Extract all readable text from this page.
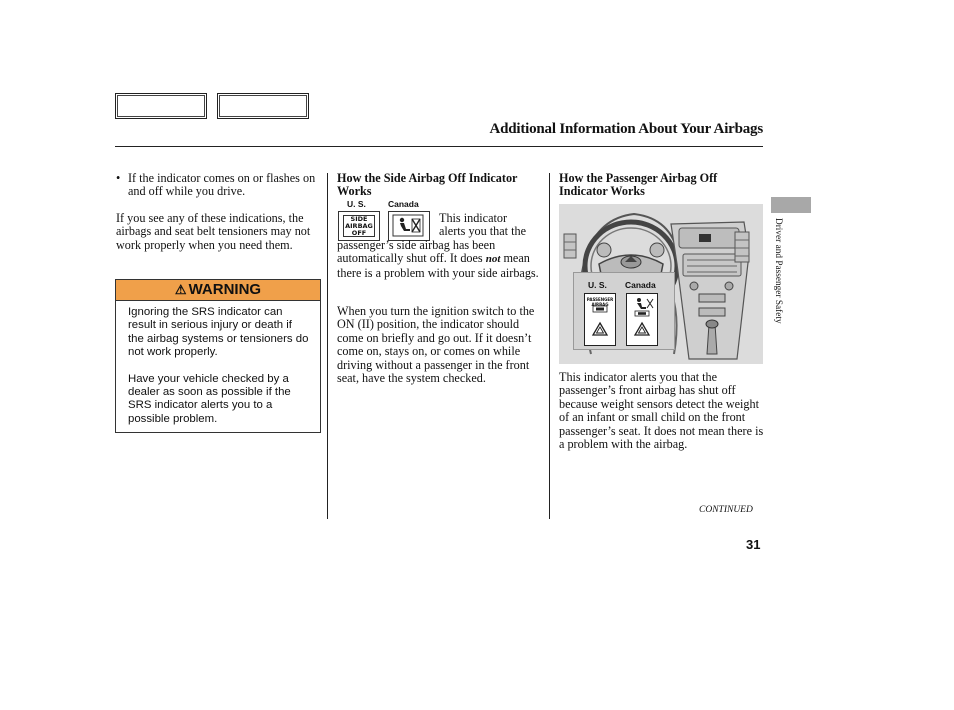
Additional Information About Your Airbags
• If the indicator comes on or flashes on and off while you drive.
If you see any of these indications, the airbags and seat belt tensioners may not work properly when you need them.
⚠ WARNING

Ignoring the SRS indicator can result in serious injury or death if the airbag systems or tensioners do not work properly.

Have your vehicle checked by a dealer as soon as possible if the SRS indicator alerts you to a possible problem.

How the Side Airbag Off Indicator Works
U. S.	Canada
SIDE
AIRBAG
OFF
This indicator
alerts you that the
passenger’s side airbag has been automatically shut off. It does not mean there is a problem with your side airbags.
When you turn the ignition switch to the ON (II) position, the indicator should come on briefly and go out. If it doesn’t come on, stays on, or comes on while driving without a passenger in the front seat, have the system checked.
How the Passenger Airbag Off Indicator Works
U. S. Canada
PASSENGER
AIRBAG
This indicator alerts you that the passenger’s front airbag has shut off because weight sensors detect the weight of an infant or small child on the front passenger’s seat. It does not mean there is a problem with the airbag.
CONTINUED
31
Driver and Passenger Safety
